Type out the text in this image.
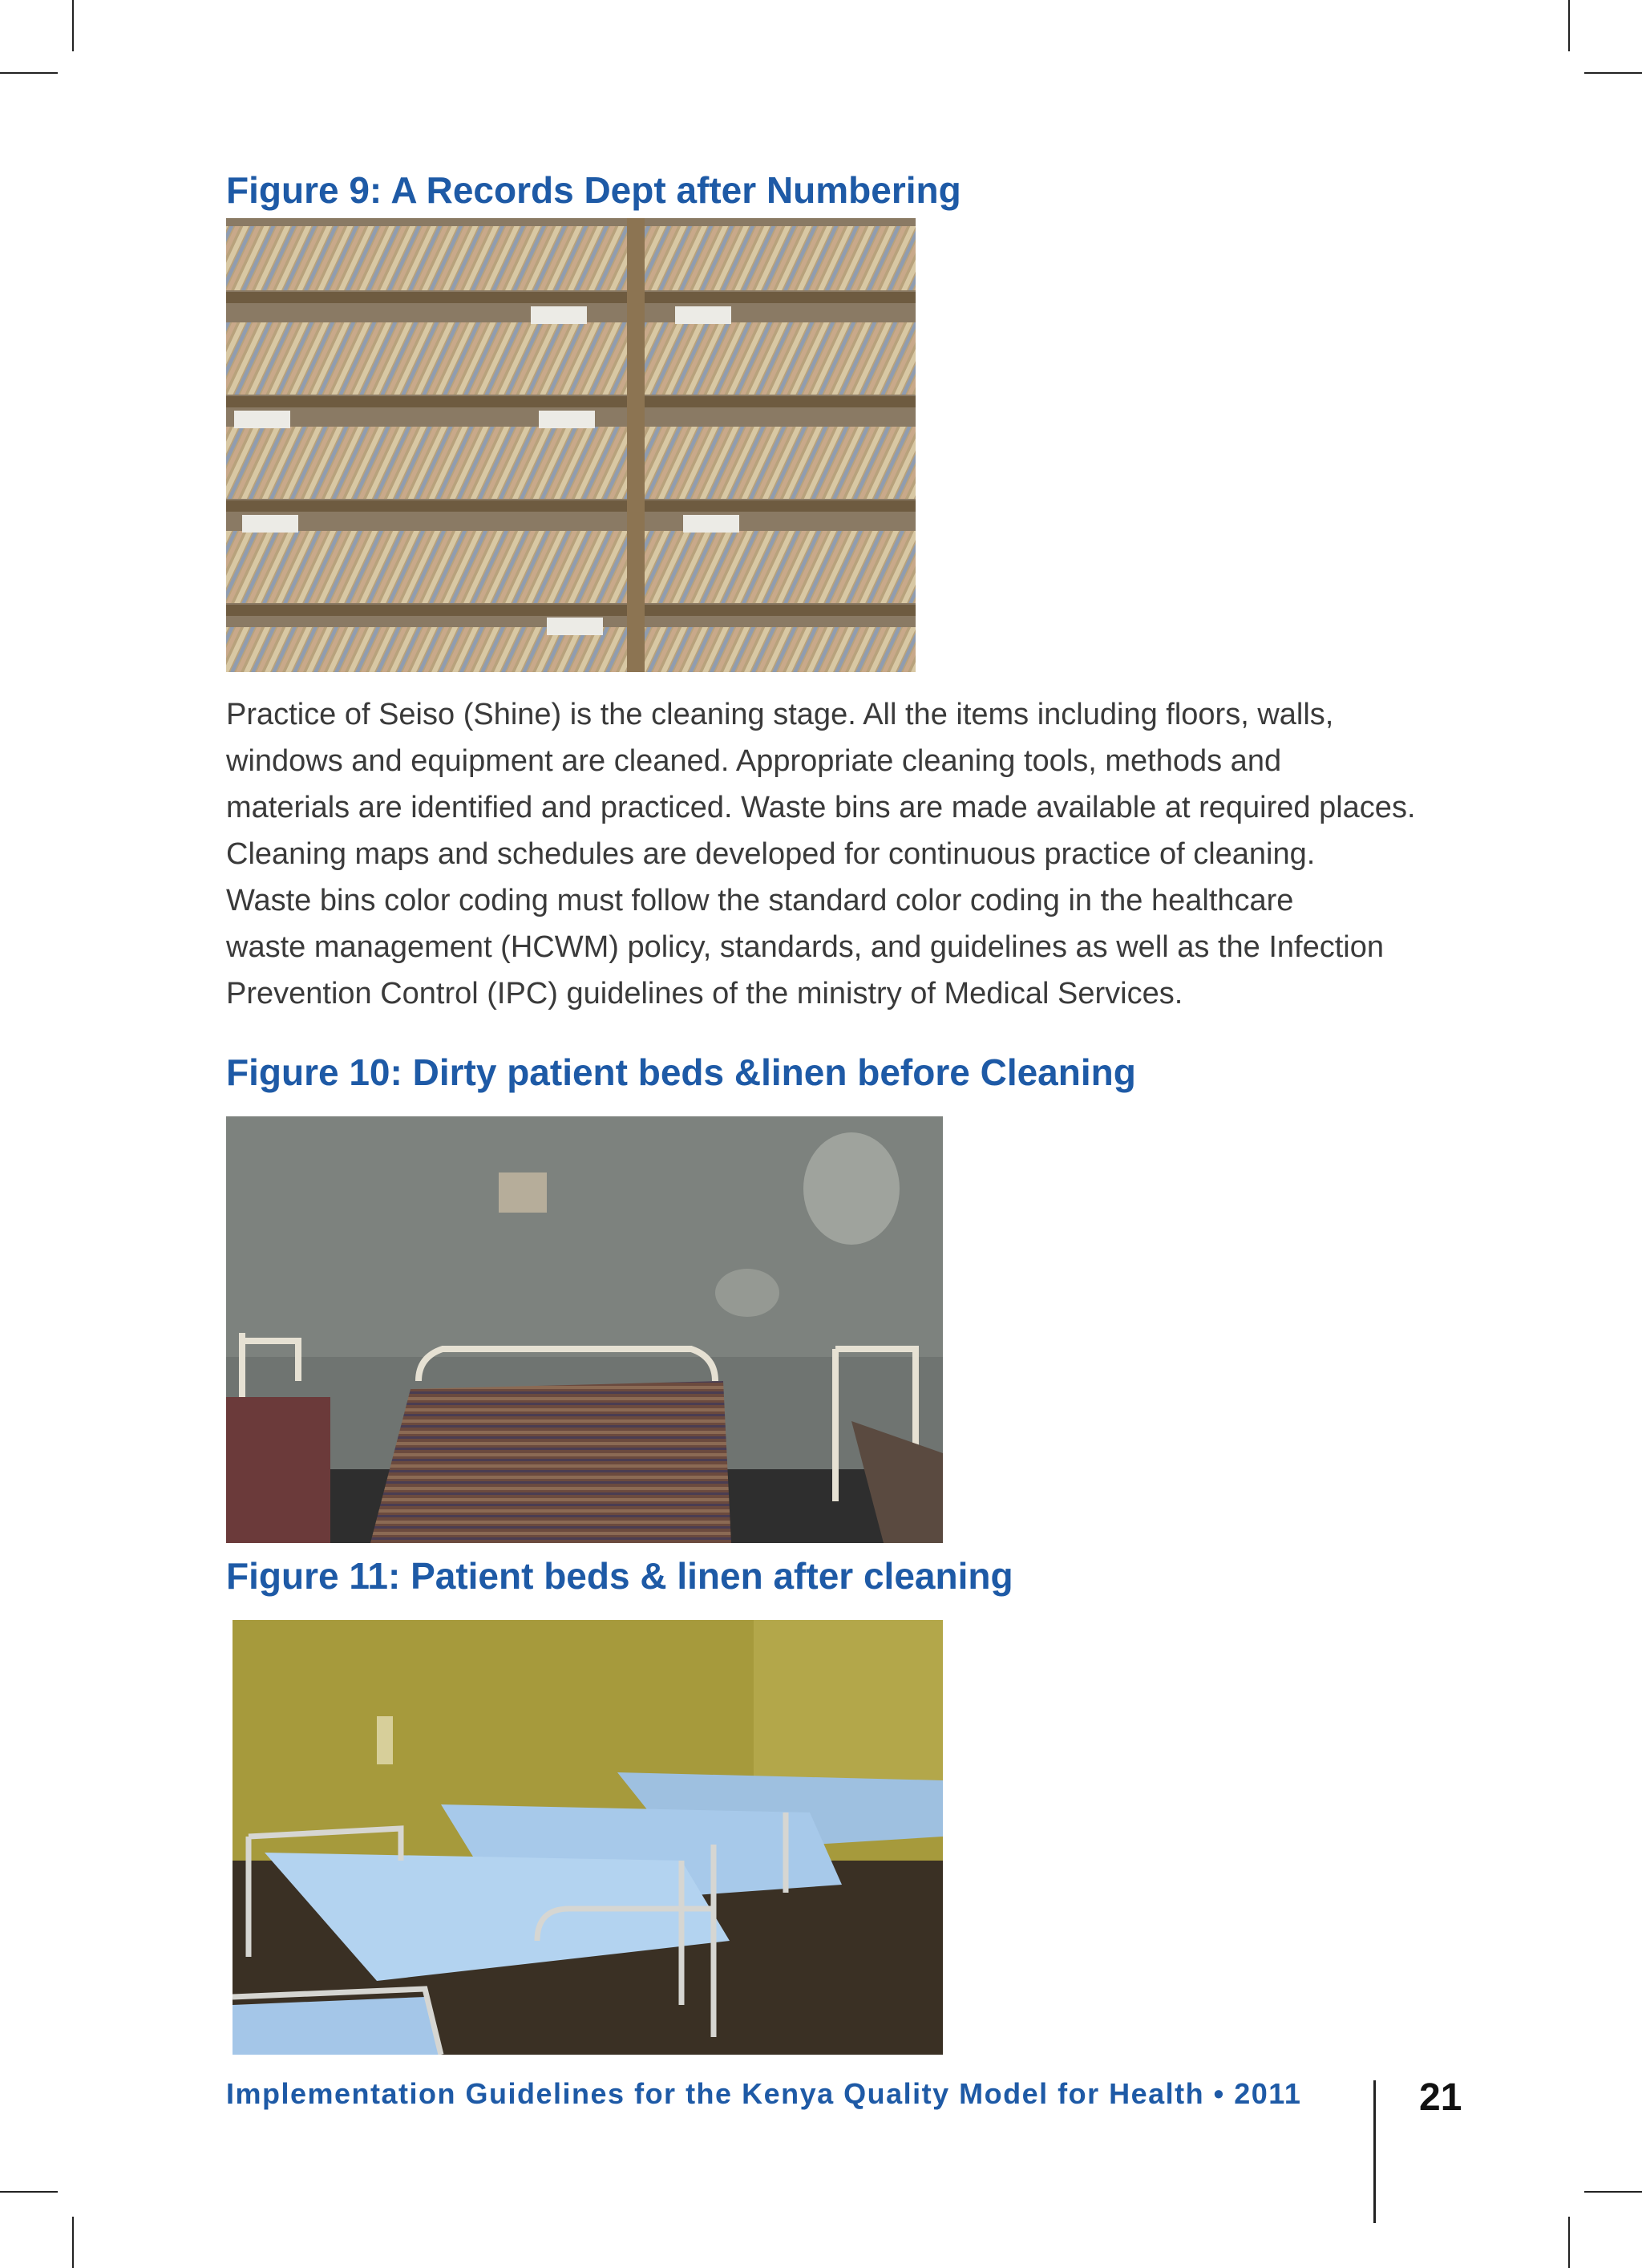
Figure 9: A Records Dept after Numbering

Practice of Seiso (Shine) is the cleaning stage. All the items including floors, walls,
windows and equipment are cleaned. Appropriate cleaning tools, methods and
materials are identified and practiced. Waste bins are made available at required places.
Cleaning maps and schedules are developed for continuous practice of cleaning.
Waste bins color coding must follow the standard color coding in the healthcare
waste management (HCWM) policy, standards, and guidelines as well as the Infection
Prevention Control (IPC) guidelines of the ministry of Medical Services.

Figure 10: Dirty patient beds &linen before Cleaning
Figure 11: Patient beds & linen after cleaning
Implementation Guidelines for the Kenya Quality Model for Health • 2011	21
